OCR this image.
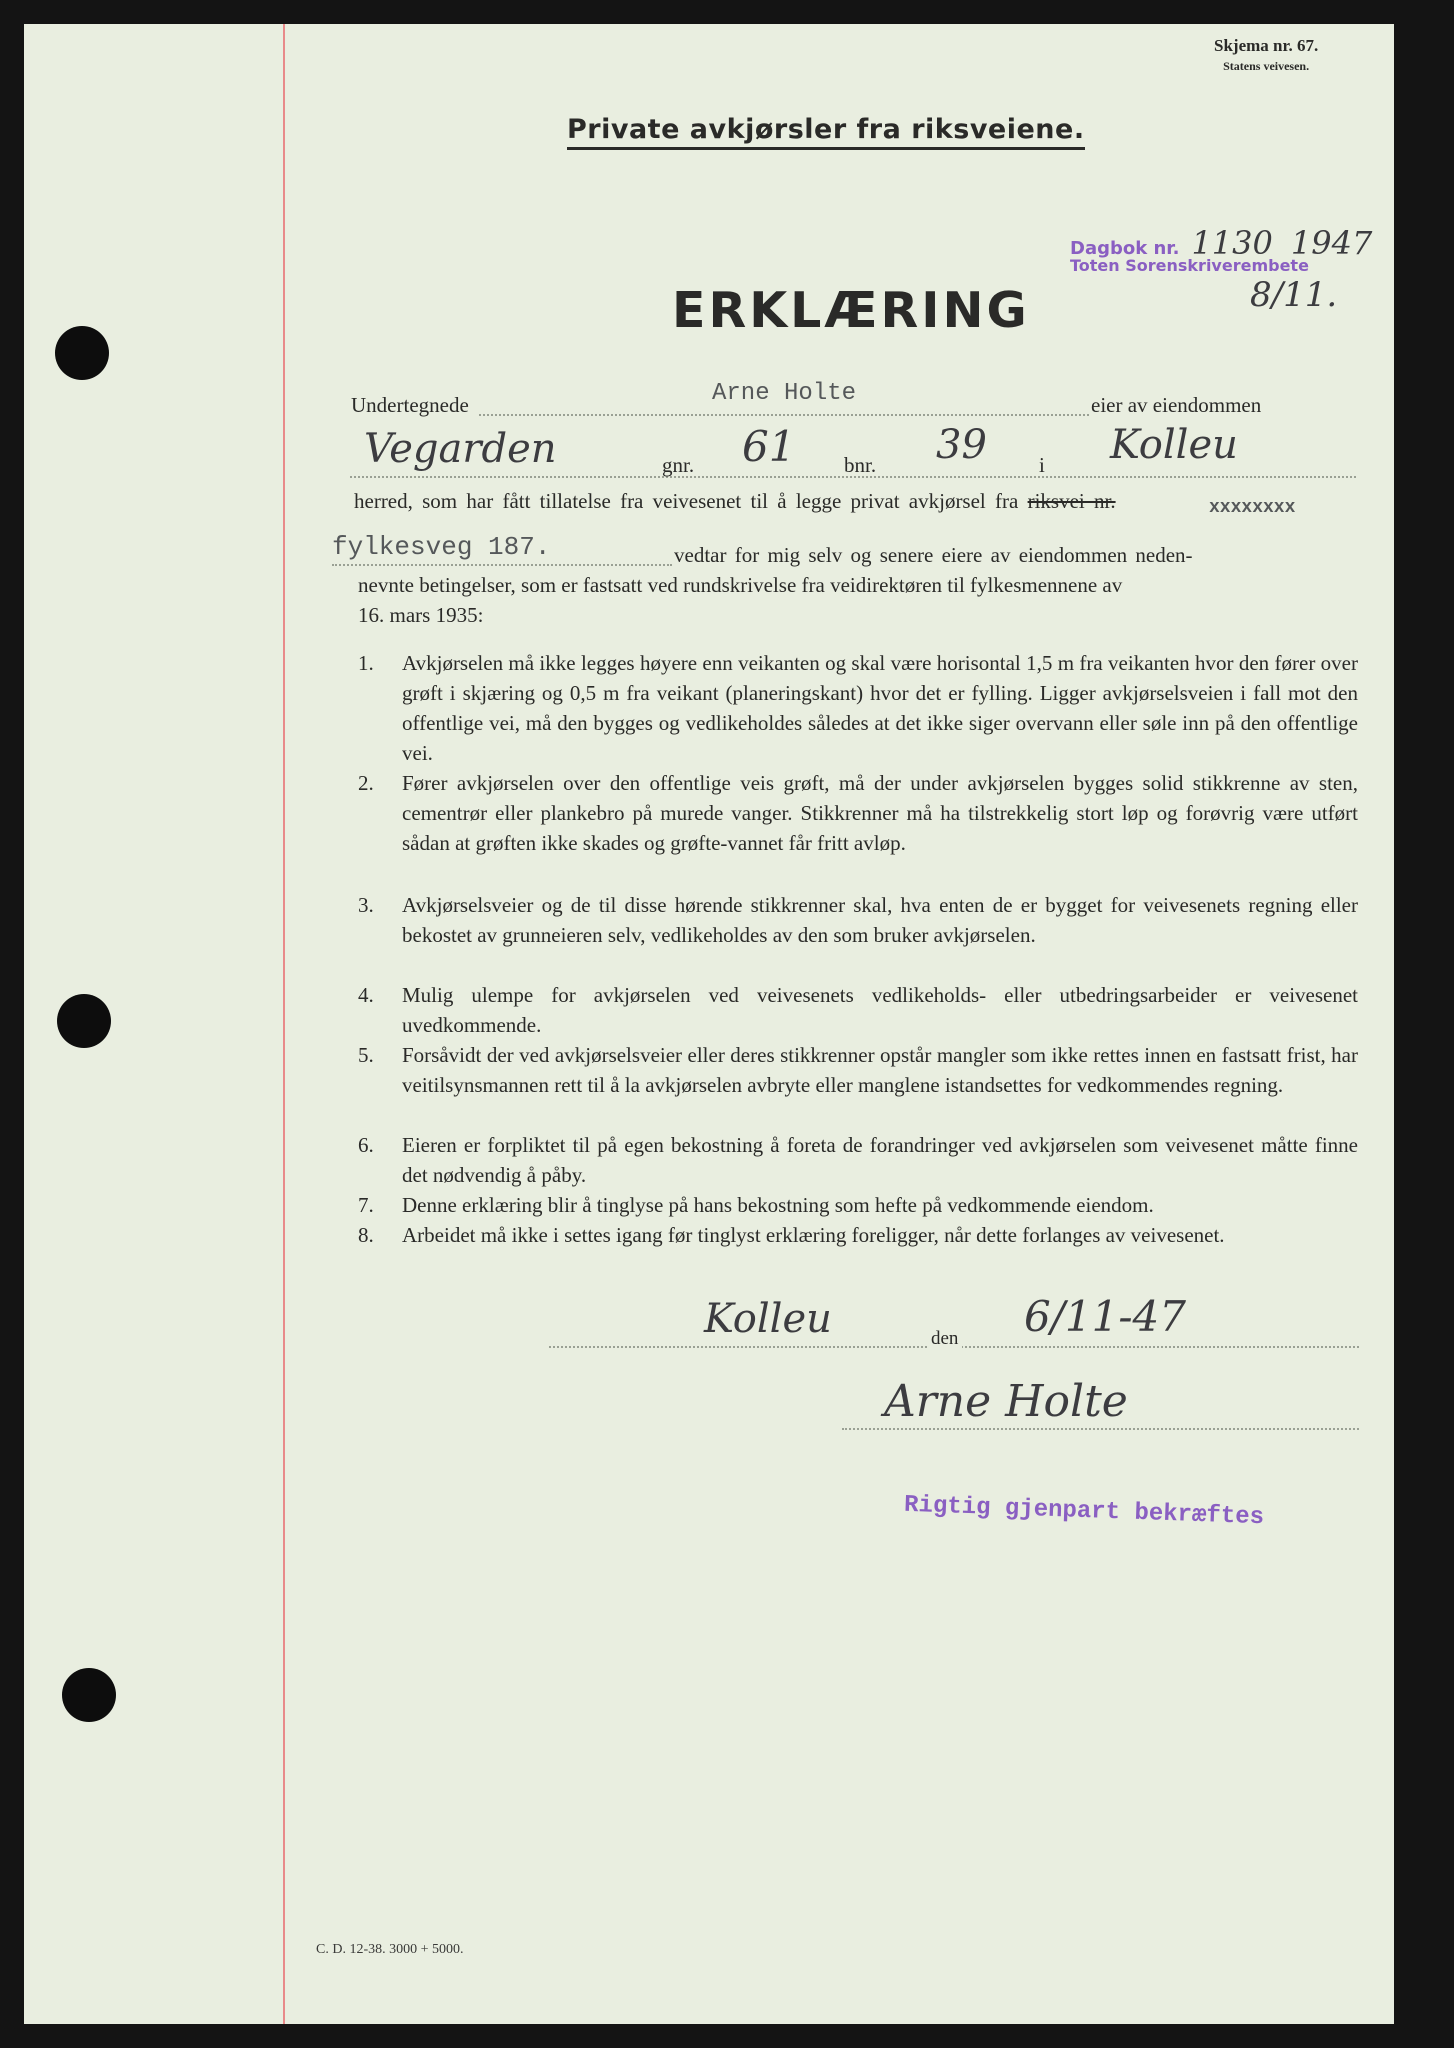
Skjema nr. 67.
Statens veivesen.
Private avkjørsler fra riksveiene.
ERKLÆRING
Dagbok nr. 1130 1947
Toten Sorenskriverembete
8/11.
Undertegnede	Arne Holte	eier av eiendommen
Vegarden	gnr. 61 bnr. 39 i Kolleu
herred, som har fått tillatelse fra veivesenet til å legge privat avkjørsel fra riksvei nr.	xxxxxxxx
fylkesveg 187.	vedtar for mig selv og senere eiere av eiendommen neden-
nevnte betingelser, som er fastsatt ved rundskrivelse fra veidirektøren til fylkesmennene av
16. mars 1935:
1. Avkjørselen må ikke legges høyere enn veikanten og skal være horisontal 1,5 m fra veikanten hvor den fører over grøft i skjæring og 0,5 m fra veikant (planeringskant) hvor det er fylling. Ligger avkjørselsveien i fall mot den offentlige vei, må den bygges og vedlikeholdes således at det ikke siger overvann eller søle inn på den offentlige vei.
2. Fører avkjørselen over den offentlige veis grøft, må der under avkjørselen bygges solid stikkrenne av sten, cementrør eller plankebro på murede vanger. Stikkrenner må ha tilstrekkelig stort løp og forøvrig være utført sådan at grøften ikke skades og grøfte-vannet får fritt avløp.
3. Avkjørselsveier og de til disse hørende stikkrenner skal, hva enten de er bygget for veivesenets regning eller bekostet av grunneieren selv, vedlikeholdes av den som bruker avkjørselen.
4. Mulig ulempe for avkjørselen ved veivesenets vedlikeholds- eller utbedringsarbeider er veivesenet uvedkommende.
5. Forsåvidt der ved avkjørselsveier eller deres stikkrenner opstår mangler som ikke rettes innen en fastsatt frist, har veitilsynsmannen rett til å la avkjørselen avbryte eller manglene istandsettes for vedkommendes regning.
6. Eieren er forpliktet til på egen bekostning å foreta de forandringer ved avkjørselen som veivesenet måtte finne det nødvendig å påby.
7. Denne erklæring blir å tinglyse på hans bekostning som hefte på vedkommende eiendom.
8. Arbeidet må ikke i settes igang før tinglyst erklæring foreligger, når dette forlanges av veivesenet.
Kolleu	den 6/11-47
Arne Holte
Rigtig gjenpart bekræftes
C. D. 12-38. 3000 + 5000.
